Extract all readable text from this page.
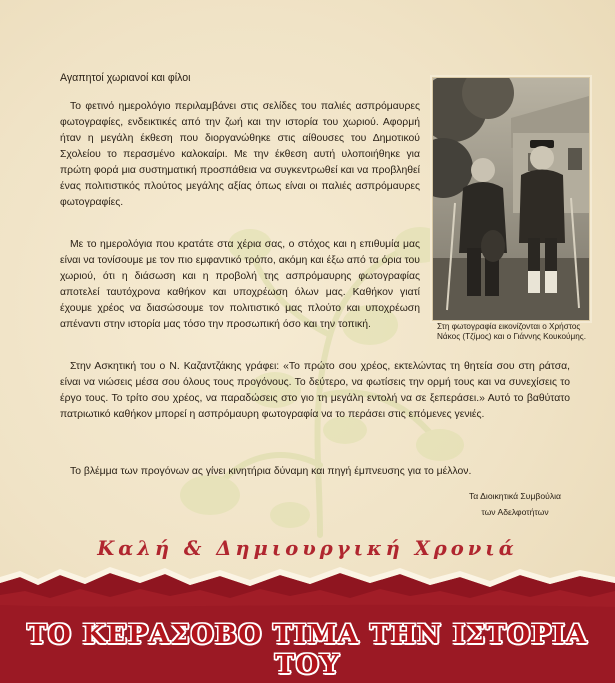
Αγαπητοί χωριανοί και φίλοι
Το φετινό ημερολόγιο περιλαμβάνει στις σελίδες του παλιές ασπρόμαυρες φωτογραφίες, ενδεικτικές από την ζωή και την ιστορία του χωριού. Αφορμή ήταν η μεγάλη έκθεση που διοργανώθηκε στις αίθουσες του Δημοτικού Σχολείου το περασμένο καλοκαίρι. Με την έκθεση αυτή υλοποιήθηκε για πρώτη φορά μια συστηματική προσπάθεια να συγκεντρωθεί και να προβληθεί ένας πολιτιστικός πλούτος μεγάλης αξίας όπως είναι οι παλιές ασπρόμαυρες φωτογραφίες.
Με το ημερολόγια που κρατάτε στα χέρια σας, ο στόχος και η επιθυμία μας είναι να τονίσουμε με τον πιο εμφαντικό τρόπο, ακόμη και έξω από τα όρια του χωριού, ότι η διάσωση και η προβολή της ασπρόμαυρης φωτογραφίας αποτελεί ταυτόχρονα καθήκον και υποχρέωση όλων μας. Καθήκον γιατί έχουμε χρέος να διασώσουμε τον πολιτιστικό μας πλούτο και υποχρέωση απέναντι στην ιστορία μας τόσο την προσωπική όσο και την τοπική.
Στην Ασκητική του ο Ν. Καζαντζάκης γράφει: «Το πρώτο σου χρέος, εκτελώντας τη θητεία σου στη ράτσα, είναι να νιώσεις μέσα σου όλους τους προγόνους. Το δεύτερο, να φωτίσεις την ορμή τους και να συνεχίσεις το έργο τους. Το τρίτο σου χρέος, να παραδώσεις στο γιο τη μεγάλη εντολή να σε ξεπεράσει.» Αυτό το βαθύτατο πατριωτικό καθήκον μπορεί η ασπρόμαυρη φωτογραφία να το περάσει στις επόμενες γενιές.
Το βλέμμα των προγόνων ας γίνει κινητήρια δύναμη και πηγή έμπνευσης για το μέλλον.
Τα Διοικητικά Συμβούλια
των Αδελφοτήτων
Στη φωτογραφία εικονίζονται ο Χρήστος Νάκος (Τζίμος) και ο Γιάννης Κουκούμης.
Καλή & Δημιουργική Χρονιά
ΤΟ ΚΕΡΑΣΟΒΟ ΤΙΜΑ ΤΗΝ ΙΣΤΟΡΙΑ ΤΟΥ
